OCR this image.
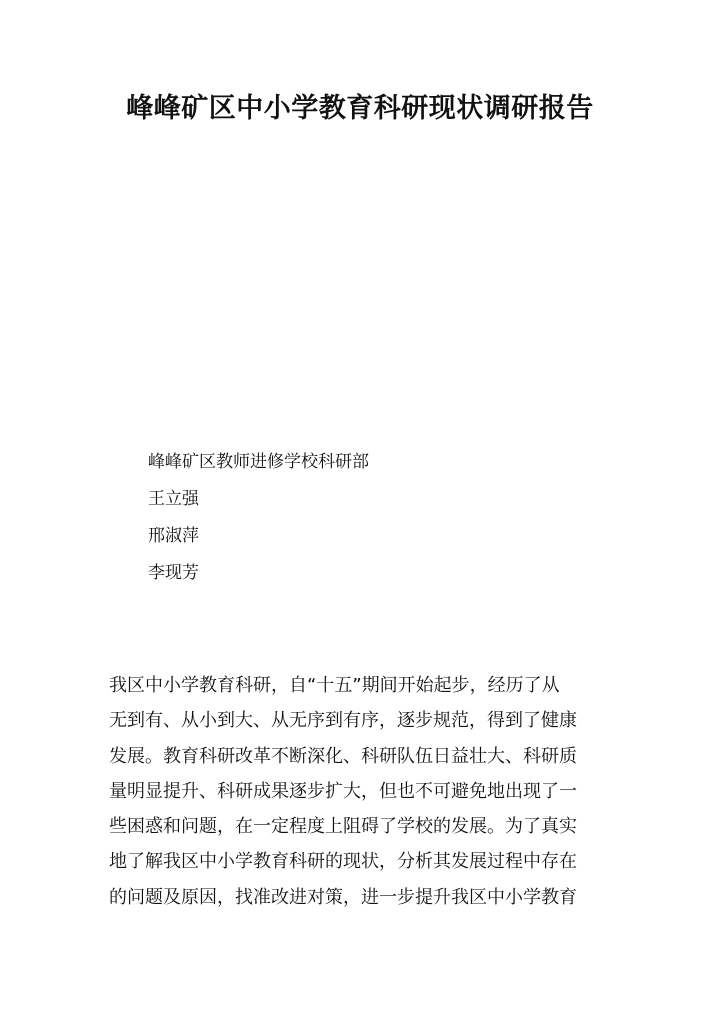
峰峰矿区中小学教育科研现状调研报告
峰峰矿区教师进修学校科研部
王立强
邢淑萍
李现芳
我区中小学教育科研，自“十五”期间开始起步，经历了从
无到有、从小到大、从无序到有序，逐步规范，得到了健康
发展。教育科研改革不断深化、科研队伍日益壮大、科研质
量明显提升、科研成果逐步扩大，但也不可避免地出现了一
些困惑和问题，在一定程度上阻碍了学校的发展。为了真实
地了解我区中小学教育科研的现状，分析其发展过程中存在
的问题及原因，找准改进对策，进一步提升我区中小学教育
